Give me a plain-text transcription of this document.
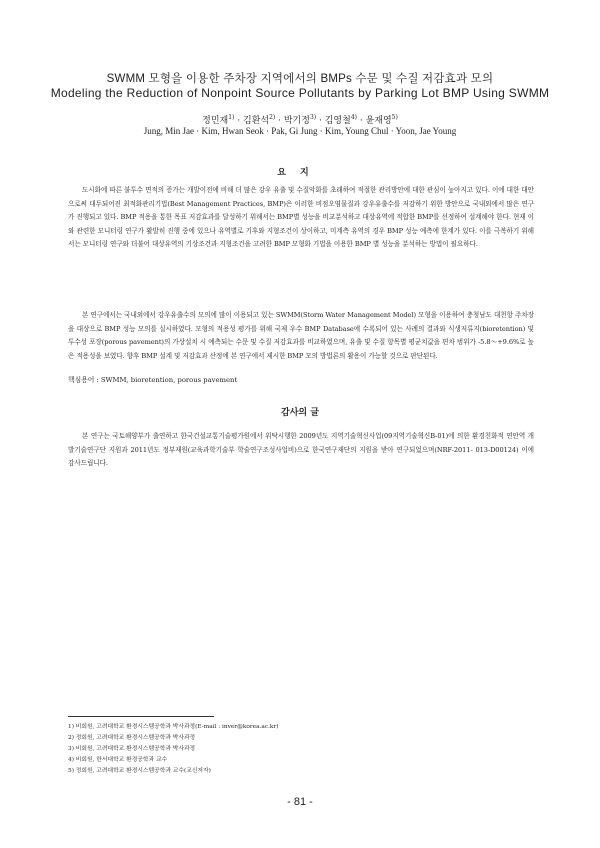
SWMM 모형을 이용한 주차장 지역에서의 BMPs 수문 및 수질 저감효과 모의
Modeling the Reduction of Nonpoint Source Pollutants by Parking Lot BMP Using SWMM
정민재$^{1)}$ · 김환석$^{2)}$ · 박기정$^{3)}$ · 김영철$^{4)}$ · 윤재영$^{5)}$
Jung, Min Jae · Kim, Hwan Seok · Pak, Gi Jung · Kim, Young Chul · Yoon, Jae Young
요지
도시화에 따른 불투수 면적의 증가는 개발이전에 비해 더 많은 강우 유출 및 수질악화를 초래하여 적절한 관리방안에 대한 관심이 높아지고 있다. 이에 대한 대안으로써 대두되어진 최적화관리기법(Best Management Practices, BMP)은 이러한 비점오염물질과 강우유출수를 저감하기 위한 방안으로 국내외에서 많은 연구가 진행되고 있다. BMP 적용을 통한 목표 저감효과를 달성하기 위해서는 BMP별 성능을 비교분석하고 대상유역에 적합한 BMP를 선정하여 설계해야 한다. 현재 이와 관련한 모니터링 연구가 활발히 진행 중에 있으나 유역별로 기후와 지형조건이 상이하고, 미계측 유역의 경우 BMP 성능 예측에 한계가 있다. 이를 극복하기 위해서는 모니터링 연구와 더불어 대상유역의 기상조건과 지형조건을 고려한 BMP 모형화 기법을 이용한 BMP 별 성능을 분석하는 방법이 필요하다.
본 연구에서는 국내외에서 강우유출수의 모의에 많이 이용되고 있는 SWMM(Storm Water Management Model) 모형을 이용하여 충청남도 대천항 주차장을 대상으로 BMP 성능 모의를 실시하였다. 모형의 적용성 평가를 위해 국제 우수 BMP Database에 수록되어 있는 사례의 결과와 식생저류지(bioretention) 및 투수성 포장(porous pavement)의 가상설치 시 예측되는 수문 및 수질 저감효과를 비교하였으며, 유출 및 수질 항목별 평균치값을 편차 범위가 -5.8～+9.6%로 높은 적용성을 보였다. 향후 BMP 설계 및 저감효과 산정에 본 연구에서 제시한 BMP 모의 방법론의 활용이 가능할 것으로 판단된다.
핵심용어 : SWMM, bioretention, porous pavement
감사의 글
본 연구는 국토해양부가 출연하고 한국건설교통기술평가원에서 위탁시행한 2009년도 지역기술혁신사업(09지역기술혁신B-01)에 의한 환경친화적 연안역 개발기술연구단 지원과 2011년도 정부재원(교육과학기술부 학술연구조성사업비)으로 한국연구재단의 지원을 받아 연구되었으며(NRF-2011- 013-D00124) 이에 감사드립니다.
1) 비회원, 고려대학교 환경시스템공학과 박사과정(E-mail : inver@korea.ac.kr)
2) 정회원, 고려대학교 환경시스템공학과 박사과정
3) 비회원, 고려대학교 환경시스템공학과 박사과정
4) 비회원, 한서대학교 환경공학과 교수
5) 정회원, 고려대학교 환경시스템공학과 교수(교신저자)
- 81 -
